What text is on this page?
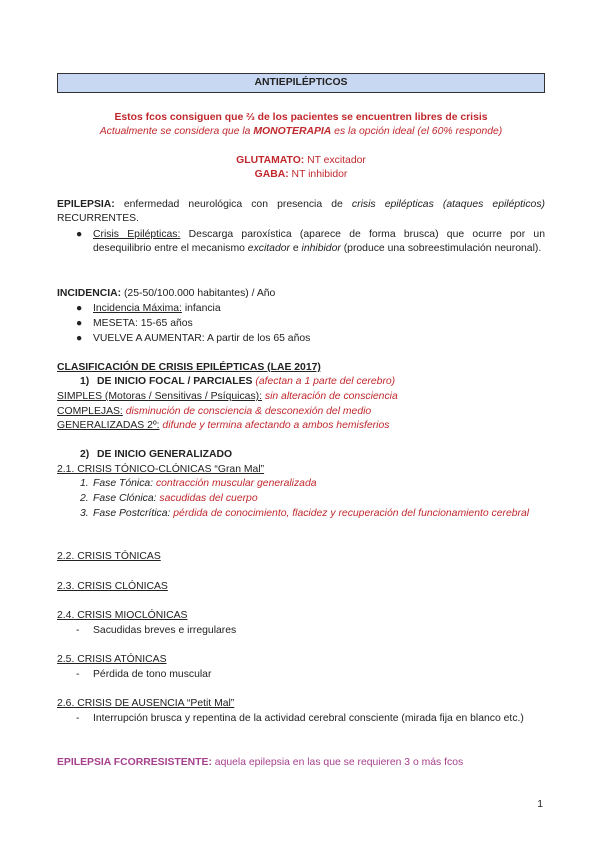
ANTIEPILÉPTICOS
Estos fcos consiguen que ⅔ de los pacientes se encuentren libres de crisis
Actualmente se considera que la MONOTERAPIA es la opción ideal (el 60% responde)
GLUTAMATO: NT excitador
GABA: NT inhibidor
EPILEPSIA: enfermedad neurológica con presencia de crisis epilépticas (ataques epilépticos) RECURRENTES.
● Crisis Epilépticas: Descarga paroxística (aparece de forma brusca) que ocurre por un desequilibrio entre el mecanismo excitador e inhibidor (produce una sobreestimulación neuronal).
INCIDENCIA: (25-50/100.000 habitantes) / Año
● Incidencia Máxima: infancia
● MESETA: 15-65 años
● VUELVE A AUMENTAR: A partir de los 65 años
CLASIFICACIÓN DE CRISIS EPILÉPTICAS (LAE 2017)
1) DE INICIO FOCAL / PARCIALES (afectan a 1 parte del cerebro)
SIMPLES (Motoras / Sensitivas / Psíquicas): sin alteración de consciencia
COMPLEJAS: disminución de consciencia & desconexión del medio
GENERALIZADAS 2º: difunde y termina afectando a ambos hemisferios
2) DE INICIO GENERALIZADO
2.1. CRISIS TÓNICO-CLÓNICAS “Gran Mal”
1. Fase Tónica: contracción muscular generalizada
2. Fase Clónica: sacudidas del cuerpo
3. Fase Postcrítica: pérdida de conocimiento, flacidez y recuperación del funcionamiento cerebral
2.2. CRISIS TÓNICAS
2.3. CRISIS CLÓNICAS
2.4. CRISIS MIOCLÓNICAS
- Sacudidas breves e irregulares
2.5. CRISIS ATÓNICAS
- Pérdida de tono muscular
2.6. CRISIS DE AUSENCIA “Petit Mal”
- Interrupción brusca y repentina de la actividad cerebral consciente (mirada fija en blanco etc.)
EPILEPSIA FCORRESISTENTE: aquela epilepsia en las que se requieren 3 o más fcos
1
